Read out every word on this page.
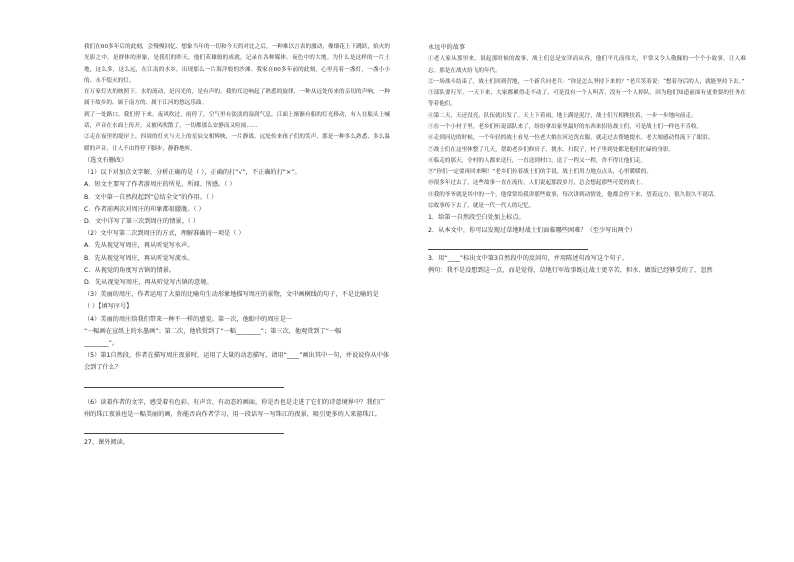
我们在60多年后的此刻，会慢慢回忆、想象当年的一切和今天的对比之后，一种难以言表的激动，像烟花上下跳跃，焰火的光影之中，是群体的形象，是我们的昨天，他们英雄般的成就，记录在各种媒体。夜色中的大地。为什么是这样的一片土地，这么多，这么远，在江南的水乡，出现那么一片海洋般的沙滩。我家在60多年前的此刻，心里亮着一盏灯，一盏小小的、永不熄灭的灯。

在万家灯火的映照下，水的流动，是闪光的，是有声的。我的耳边响起了熟悉的旋律，一种从远处传来的亲切的声响，一种属于故乡的、属于南方的、属于江河的悠远乐曲。

到了一处路口，我们停下来。夜风吹过，雨停了，空气里有淡淡的湿润气息。江面上渐渐有船的灯光移动，有人在船头上喊话，声音在水面上传开，又被风吹散了，一切都那么安静而又喧闹……

②走在夜里的堤岸上，四周的灯火与天上的星辰交相辉映，一片静谧。远处传来孩子们的笑声，那是一种多么熟悉、多么温暖的声音，让人不由得停下脚步，静静地听。

（选文有删改）

（1）以下对加点文字解、分析正确的是（ ），正确的打“√”，不正确的打“×”。

A．短文主要写了作者游周庄的所见、所闻、所感。（ ）

B．文中第一自然段起到“总结全文”的作用。（ ）

C．作者前两次对周庄的印象都很朦胧。（ ）

D．文中详写了第三次到周庄的情景。（ ）

（2）文中写第二次到周庄的方式，理解准确的一项是（ ）

A．先从视觉写周庄，再从听觉写水声。

B．先从视觉写周庄，再从听觉写流水。

C．从视觉的角度写古镇的情景。

D．先从视觉写周庄，再从听觉写古镇的意境。

（3）美丽的周庄，作者运用了大量的比喻句生动形象地描写周庄的景物，文中画横线的句子，不是比喻的是

（ ）【填写序号】

（4）美丽的周庄给我们带来一种不一样的感觉。第一次，他眼中的周庄是一

“一幅画在宣纸上的水墨画”；第二次，他欣赏到了“一幅________”；第三次，他观赏到了“一幅

________”。

（5）第1自然段，作者在描写周庄夜景时，运用了大量的动态描写，请用“____”画出其中一句，并说说你从中体会到了什么？

（6）读着作者的文字，感受着有色彩、有声音、有动态的画面，你是否也是走进了它们的诗意境界中？我们广州的珠江夜景也是一幅美丽的画，你能否向作者学习，用一段话写一写珠江的夜景，吸引更多的人来游珠江。

27、课外阅读。

永远中的故事

①老人家从那里来，说起那时候的故事，战士们总是安详而从容，他们平凡而伟大，平常又令人敬佩的一个个小故事，让人难忘。那是在战火纷飞的年代。

②一场战斗结束了，战士们回到营地，一个新兵问老兵：“你是怎么坚持下来的？”老兵笑着说：“想着身后的人，就能坚持下去。”

③部队要行军，一天下来，大家都累得走不动了，可是没有一个人叫苦，没有一个人掉队，因为他们知道前面有更重要的任务在等着他们。

④第二天，天还没亮，队伍就出发了。天上下着雨，地上满是泥泞，战士们互相搀扶着，一步一步地向前走。

⑤在一个小村子里，老乡们听说部队来了，纷纷拿出家里最好的东西来招待战士们，可是战士们一样也不肯收。

⑥走到河边的时候，一个年轻的战士看见一位老大娘在河边洗衣服，就走过去帮她提水。老大娘感动得流下了眼泪。

⑦战士们在这里休整了几天，帮助老乡们修房子、挑水、扫院子，村子里到处都是他们忙碌的身影。

⑧临走的那天，全村的人都来送行，一直送到村口，送了一程又一程，舍不得让他们走。

⑨“你们一定要再回来啊！”老乡们拉着战士们的手说。战士们用力地点点头，心里暖暖的。

⑩很多年过去了，这些故事一直在流传，人们说起那段岁月，总会想起那些可爱的战士。

⑪我的爷爷就是其中的一个，他常常给我讲那些故事，每次讲到动情处，他都会停下来，望着远方，很久很久不说话。

⑫故事传下去了，就是一代一代人的记忆。

1．给第一自然段空白处加上标点。

2．从本文中，你可以发现过草地时战士们面临哪些困难？（至少写出两个）

3．用“____”标出文中第3自然段中的反问句，并用陈述句改写这个句子。

例句：我不是没想到这一点，而是觉得，草地行军故事既让战士更辛苦，担水、做饭已经够受的了，忽然
